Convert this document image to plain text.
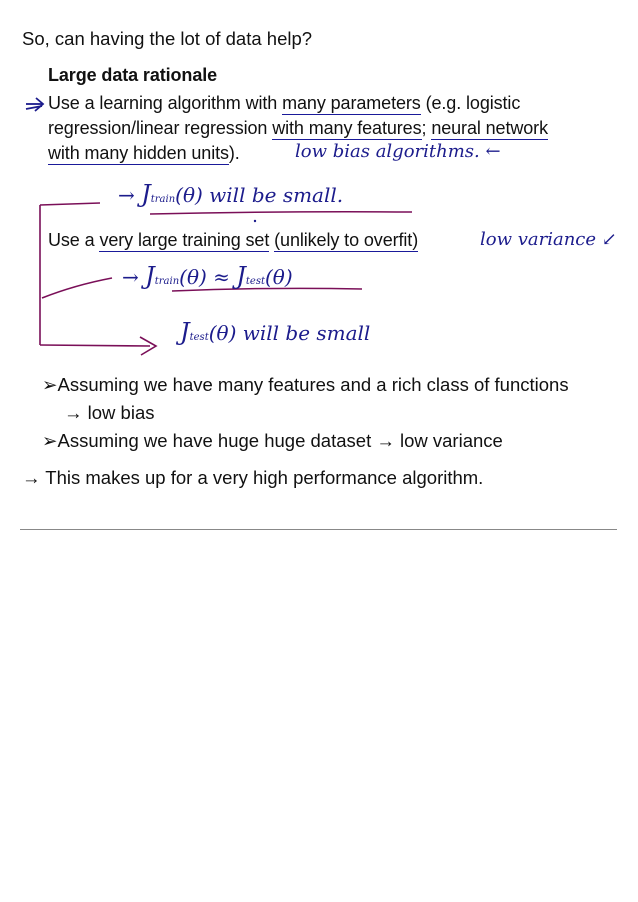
So, can having the lot of data help?
Large data rationale
Use a learning algorithm with many parameters (e.g. logistic
regression/linear regression with many features; neural network
with many hidden units).	low bias algorithms. ←
→ Jtrain(θ) will be small.
Use a very large training set (unlikely to overfit)	low variance ↙
→ Jtrain(θ) ≈ Jtest(θ)
Jtest(θ) will be small
➢Assuming we have many features and a rich class of functions
→ low bias
➢Assuming we have huge huge dataset → low variance
→ This makes up for a very high performance algorithm.
